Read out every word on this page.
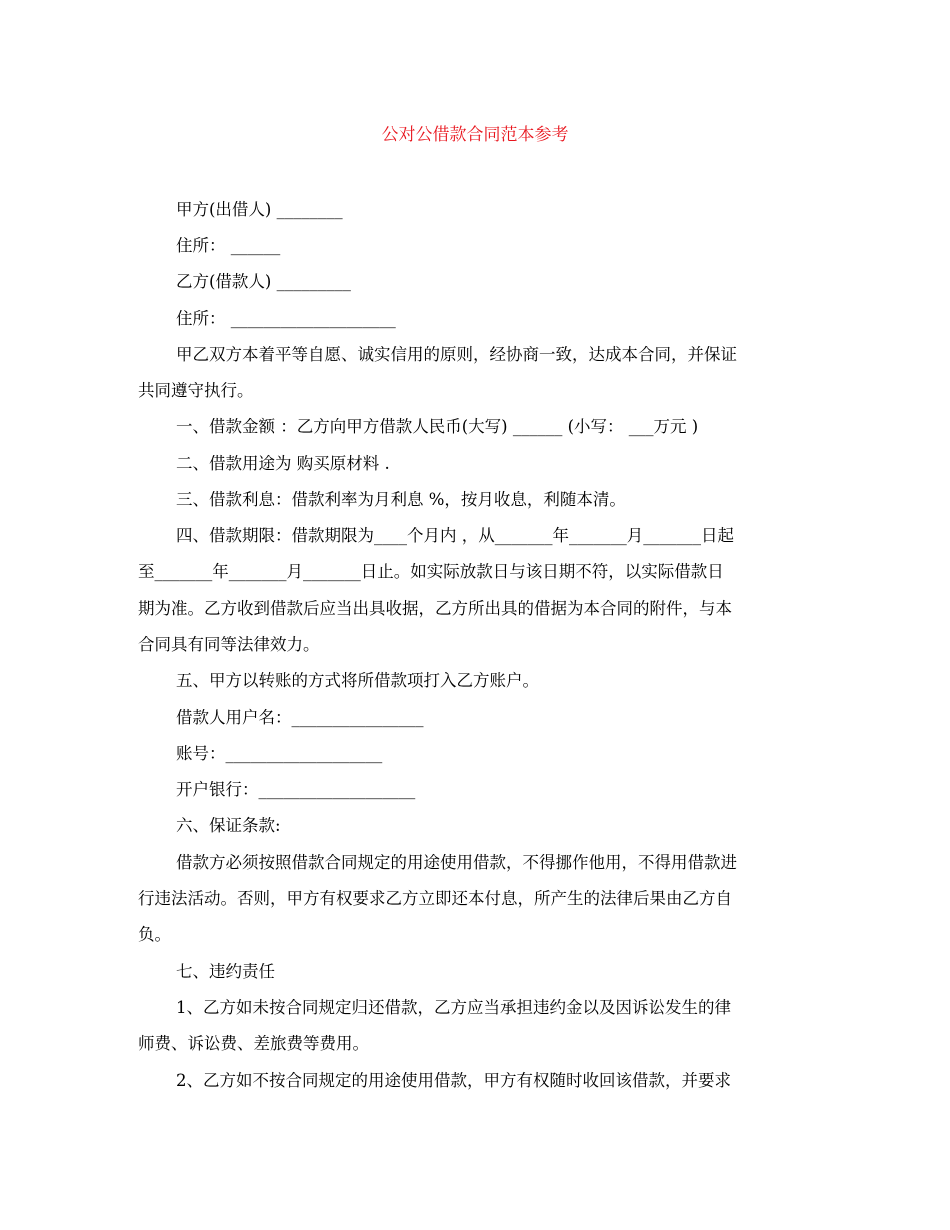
公对公借款合同范本参考
甲方(出借人) ________
住所： ______
乙方(借款人) _________
住所： ____________________
甲乙双方本着平等自愿、诚实信用的原则，经协商一致，达成本合同，并保证
共同遵守执行。
一、借款金额 ：乙方向甲方借款人民币(大写) ______ (小写： ___万元 )
二、借款用途为 购买原材料 .
三、借款利息：借款利率为月利息 %，按月收息，利随本清。
四、借款期限：借款期限为____个月内 ，从_______年_______月_______日起
至_______年_______月_______日止。如实际放款日与该日期不符，以实际借款日
期为准。乙方收到借款后应当出具收据，乙方所出具的借据为本合同的附件，与本
合同具有同等法律效力。
五、甲方以转账的方式将所借款项打入乙方账户。
借款人用户名：________________
账号：___________________
开户银行：___________________
六、保证条款:
借款方必须按照借款合同规定的用途使用借款，不得挪作他用，不得用借款进
行违法活动。否则，甲方有权要求乙方立即还本付息，所产生的法律后果由乙方自
负。
七、违约责任
1、乙方如未按合同规定归还借款，乙方应当承担违约金以及因诉讼发生的律
师费、诉讼费、差旅费等费用。
2、乙方如不按合同规定的用途使用借款，甲方有权随时收回该借款，并要求
